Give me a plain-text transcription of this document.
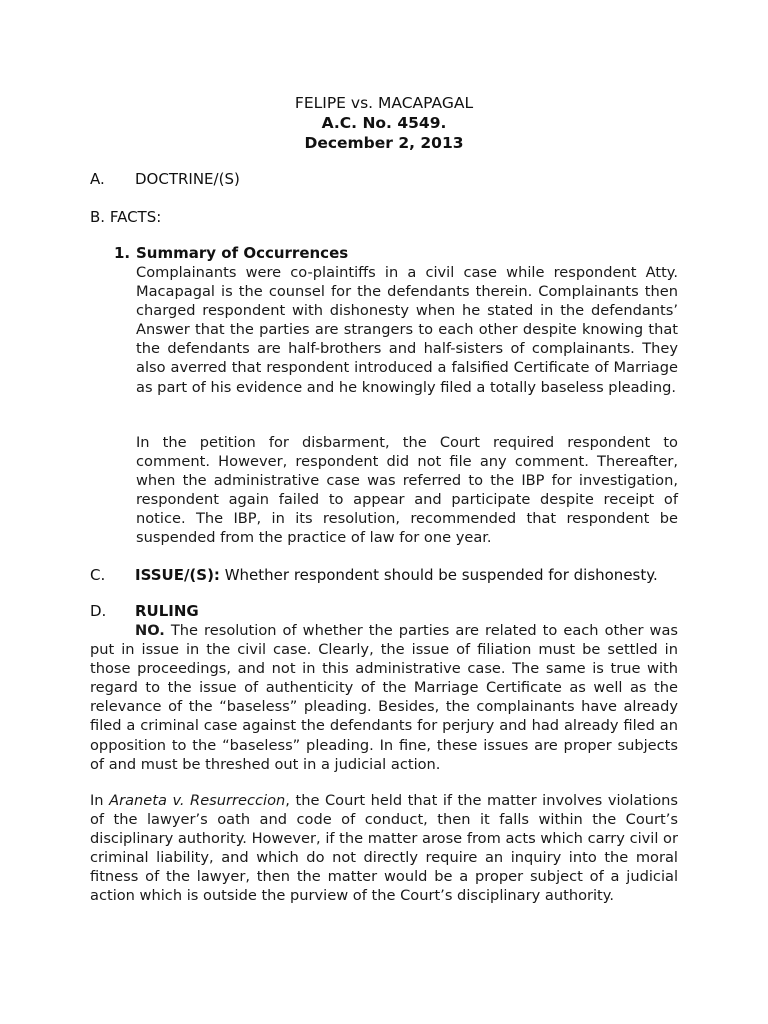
FELIPE vs. MACAPAGAL
A.C. No. 4549.
December 2, 2013
A. DOCTRINE/(S)
B. FACTS:
1. Summary of Occurrences
Complainants were co-plaintiffs in a civil case while respondent Atty. Macapagal is the counsel for the defendants therein. Complainants then charged respondent with dishonesty when he stated in the defendants’ Answer that the parties are strangers to each other despite knowing that the defendants are half-brothers and half-sisters of complainants. They also averred that respondent introduced a falsified Certificate of Marriage as part of his evidence and he knowingly filed a totally baseless pleading.
In the petition for disbarment, the Court required respondent to comment. However, respondent did not file any comment. Thereafter, when the administrative case was referred to the IBP for investigation, respondent again failed to appear and participate despite receipt of notice. The IBP, in its resolution, recommended that respondent be suspended from the practice of law for one year.
C. ISSUE/(S): Whether respondent should be suspended for dishonesty.
D. RULING
NO. The resolution of whether the parties are related to each other was put in issue in the civil case. Clearly, the issue of filiation must be settled in those proceedings, and not in this administrative case. The same is true with regard to the issue of authenticity of the Marriage Certificate as well as the relevance of the “baseless” pleading. Besides, the complainants have already filed a criminal case against the defendants for perjury and had already filed an opposition to the “baseless” pleading. In fine, these issues are proper subjects of and must be threshed out in a judicial action.
In Araneta v. Resurreccion, the Court held that if the matter involves violations of the lawyer’s oath and code of conduct, then it falls within the Court’s disciplinary authority. However, if the matter arose from acts which carry civil or criminal liability, and which do not directly require an inquiry into the moral fitness of the lawyer, then the matter would be a proper subject of a judicial action which is outside the purview of the Court’s disciplinary authority.
